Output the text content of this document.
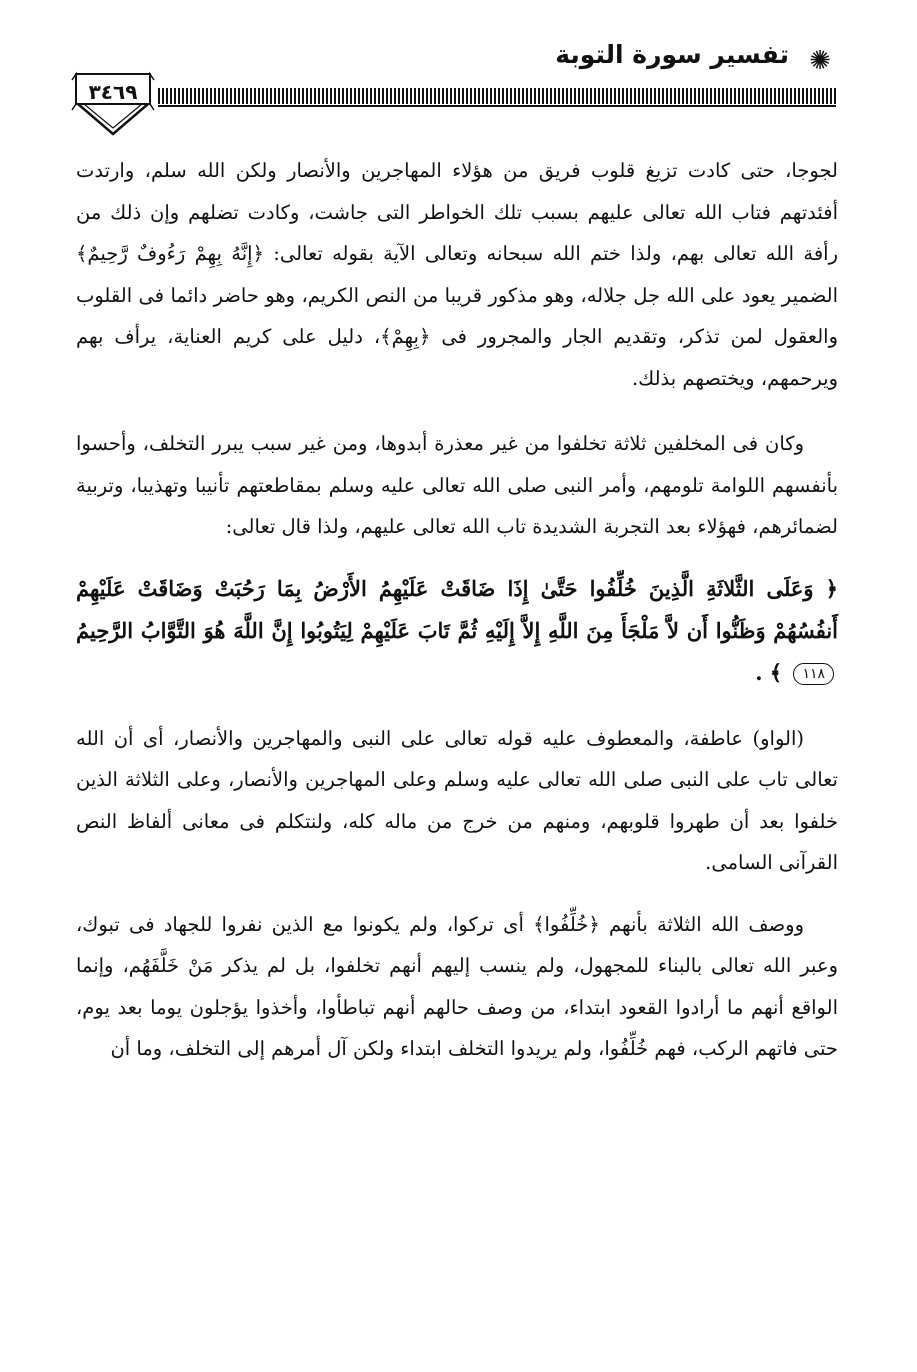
✺
تفسير سورة التوبة
٣٤٦٩

لجوجا، حتى كادت تزيغ قلوب فريق من هؤلاء المهاجرين والأنصار ولكن الله سلم، وارتدت أفئدتهم فتاب الله تعالى عليهم بسبب تلك الخواطر التى جاشت، وكادت تضلهم وإن ذلك من رأفة الله تعالى بهم، ولذا ختم الله سبحانه وتعالى الآية بقوله تعالى: ﴿إِنَّهُ بِهِمْ رَءُوفٌ رَّحِيمٌ﴾ الضمير يعود على الله جل جلاله، وهو مذكور قريبا من النص الكريم، وهو حاضر دائما فى القلوب والعقول لمن تذكر، وتقديم الجار والمجرور فى ﴿بِهِمْ﴾، دليل على كريم العناية، يرأف بهم ويرحمهم، ويختصهم بذلك.

وكان فى المخلفين ثلاثة تخلفوا من غير معذرة أبدوها، ومن غير سبب يبرر التخلف، وأحسوا بأنفسهم اللوامة تلومهم، وأمر النبى صلى الله تعالى عليه وسلم بمقاطعتهم تأنيبا وتهذيبا، وتربية لضمائرهم، فهؤلاء بعد التجربة الشديدة تاب الله تعالى عليهم، ولذا قال تعالى:

﴿ وَعَلَى الثَّلاثَةِ الَّذِينَ خُلِّفُوا حَتَّىٰ إِذَا ضَاقَتْ عَلَيْهِمُ الأَرْضُ بِمَا رَحُبَتْ وَضَاقَتْ عَلَيْهِمْ أَنفُسُهُمْ وَظَنُّوا أَن لاَّ مَلْجَأَ مِنَ اللَّهِ إِلاَّ إِلَيْهِ ثُمَّ تَابَ عَلَيْهِمْ لِيَتُوبُوا إِنَّ اللَّهَ هُوَ التَّوَّابُ الرَّحِيمُ ١١٨ ﴾ .

(الواو) عاطفة، والمعطوف عليه قوله تعالى على النبى والمهاجرين والأنصار، أى أن الله تعالى تاب على النبى صلى الله تعالى عليه وسلم وعلى المهاجرين والأنصار، وعلى الثلاثة الذين خلفوا بعد أن طهروا قلوبهم، ومنهم من خرج من ماله كله، ولنتكلم فى معانى ألفاظ النص القرآنى السامى.

ووصف الله الثلاثة بأنهم ﴿خُلِّفُوا﴾ أى تركوا، ولم يكونوا مع الذين نفروا للجهاد فى تبوك، وعبر الله تعالى بالبناء للمجهول، ولم ينسب إليهم أنهم تخلفوا، بل لم يذكر مَنْ خَلَّفَهُم، وإنما الواقع أنهم ما أرادوا القعود ابتداء، من وصف حالهم أنهم تباطأوا، وأخذوا يؤجلون يوما بعد يوم، حتى فاتهم الركب، فهم خُلِّفُوا، ولم يريدوا التخلف ابتداء ولكن آل أمرهم إلى التخلف، وما أن
